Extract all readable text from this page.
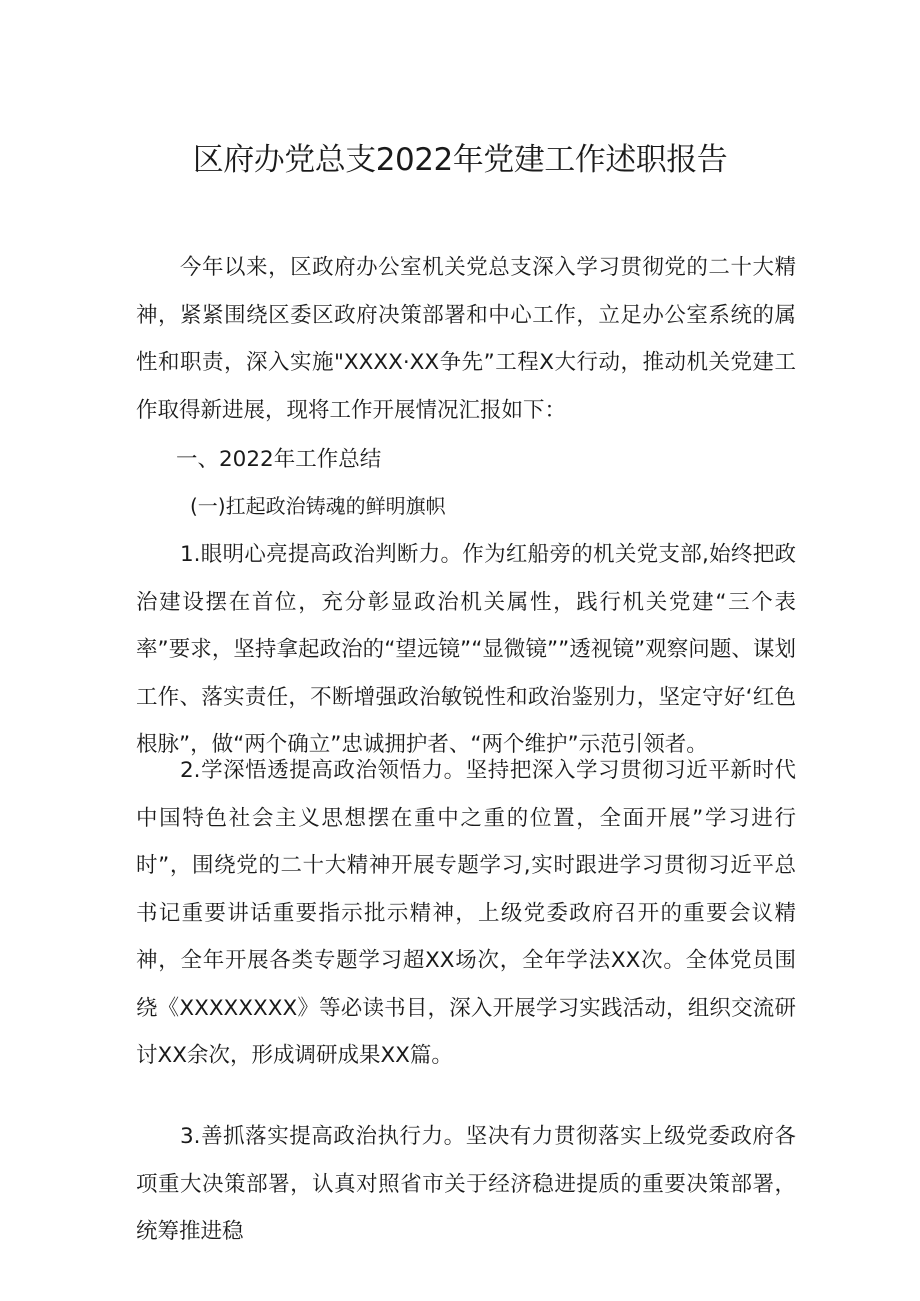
区府办党总支2022年党建工作述职报告
今年以来，区政府办公室机关党总支深入学习贯彻党的二十大精神，紧紧围绕区委区政府决策部署和中心工作，立足办公室系统的属性和职责，深入实施"XXXX·XX争先”工程X大行动，推动机关党建工作取得新进展，现将工作开展情况汇报如下：
一、2022年工作总结
(一)扛起政治铸魂的鲜明旗帜
1.眼明心亮提高政治判断力。作为红船旁的机关党支部,始终把政治建设摆在首位，充分彰显政治机关属性，践行机关党建“三个表率”要求，坚持拿起政治的“望远镜”“显微镜””透视镜”观察问题、谋划工作、落实责任，不断增强政治敏锐性和政治鉴别力，坚定守好‘红色根脉”，做“两个确立”忠诚拥护者、“两个维护”示范引领者。
2.学深悟透提高政治领悟力。坚持把深入学习贯彻习近平新时代中国特色社会主义思想摆在重中之重的位置，全面开展”学习进行时”，围绕党的二十大精神开展专题学习,实时跟进学习贯彻习近平总书记重要讲话重要指示批示精神，上级党委政府召开的重要会议精神，全年开展各类专题学习超XX场次，全年学法XX次。全体党员围绕《XXXXXXXX》等必读书目，深入开展学习实践活动，组织交流研讨XX余次，形成调研成果XX篇。
3.善抓落实提高政治执行力。坚决有力贯彻落实上级党委政府各项重大决策部署，认真对照省市关于经济稳进提质的重要决策部署，统筹推进稳
